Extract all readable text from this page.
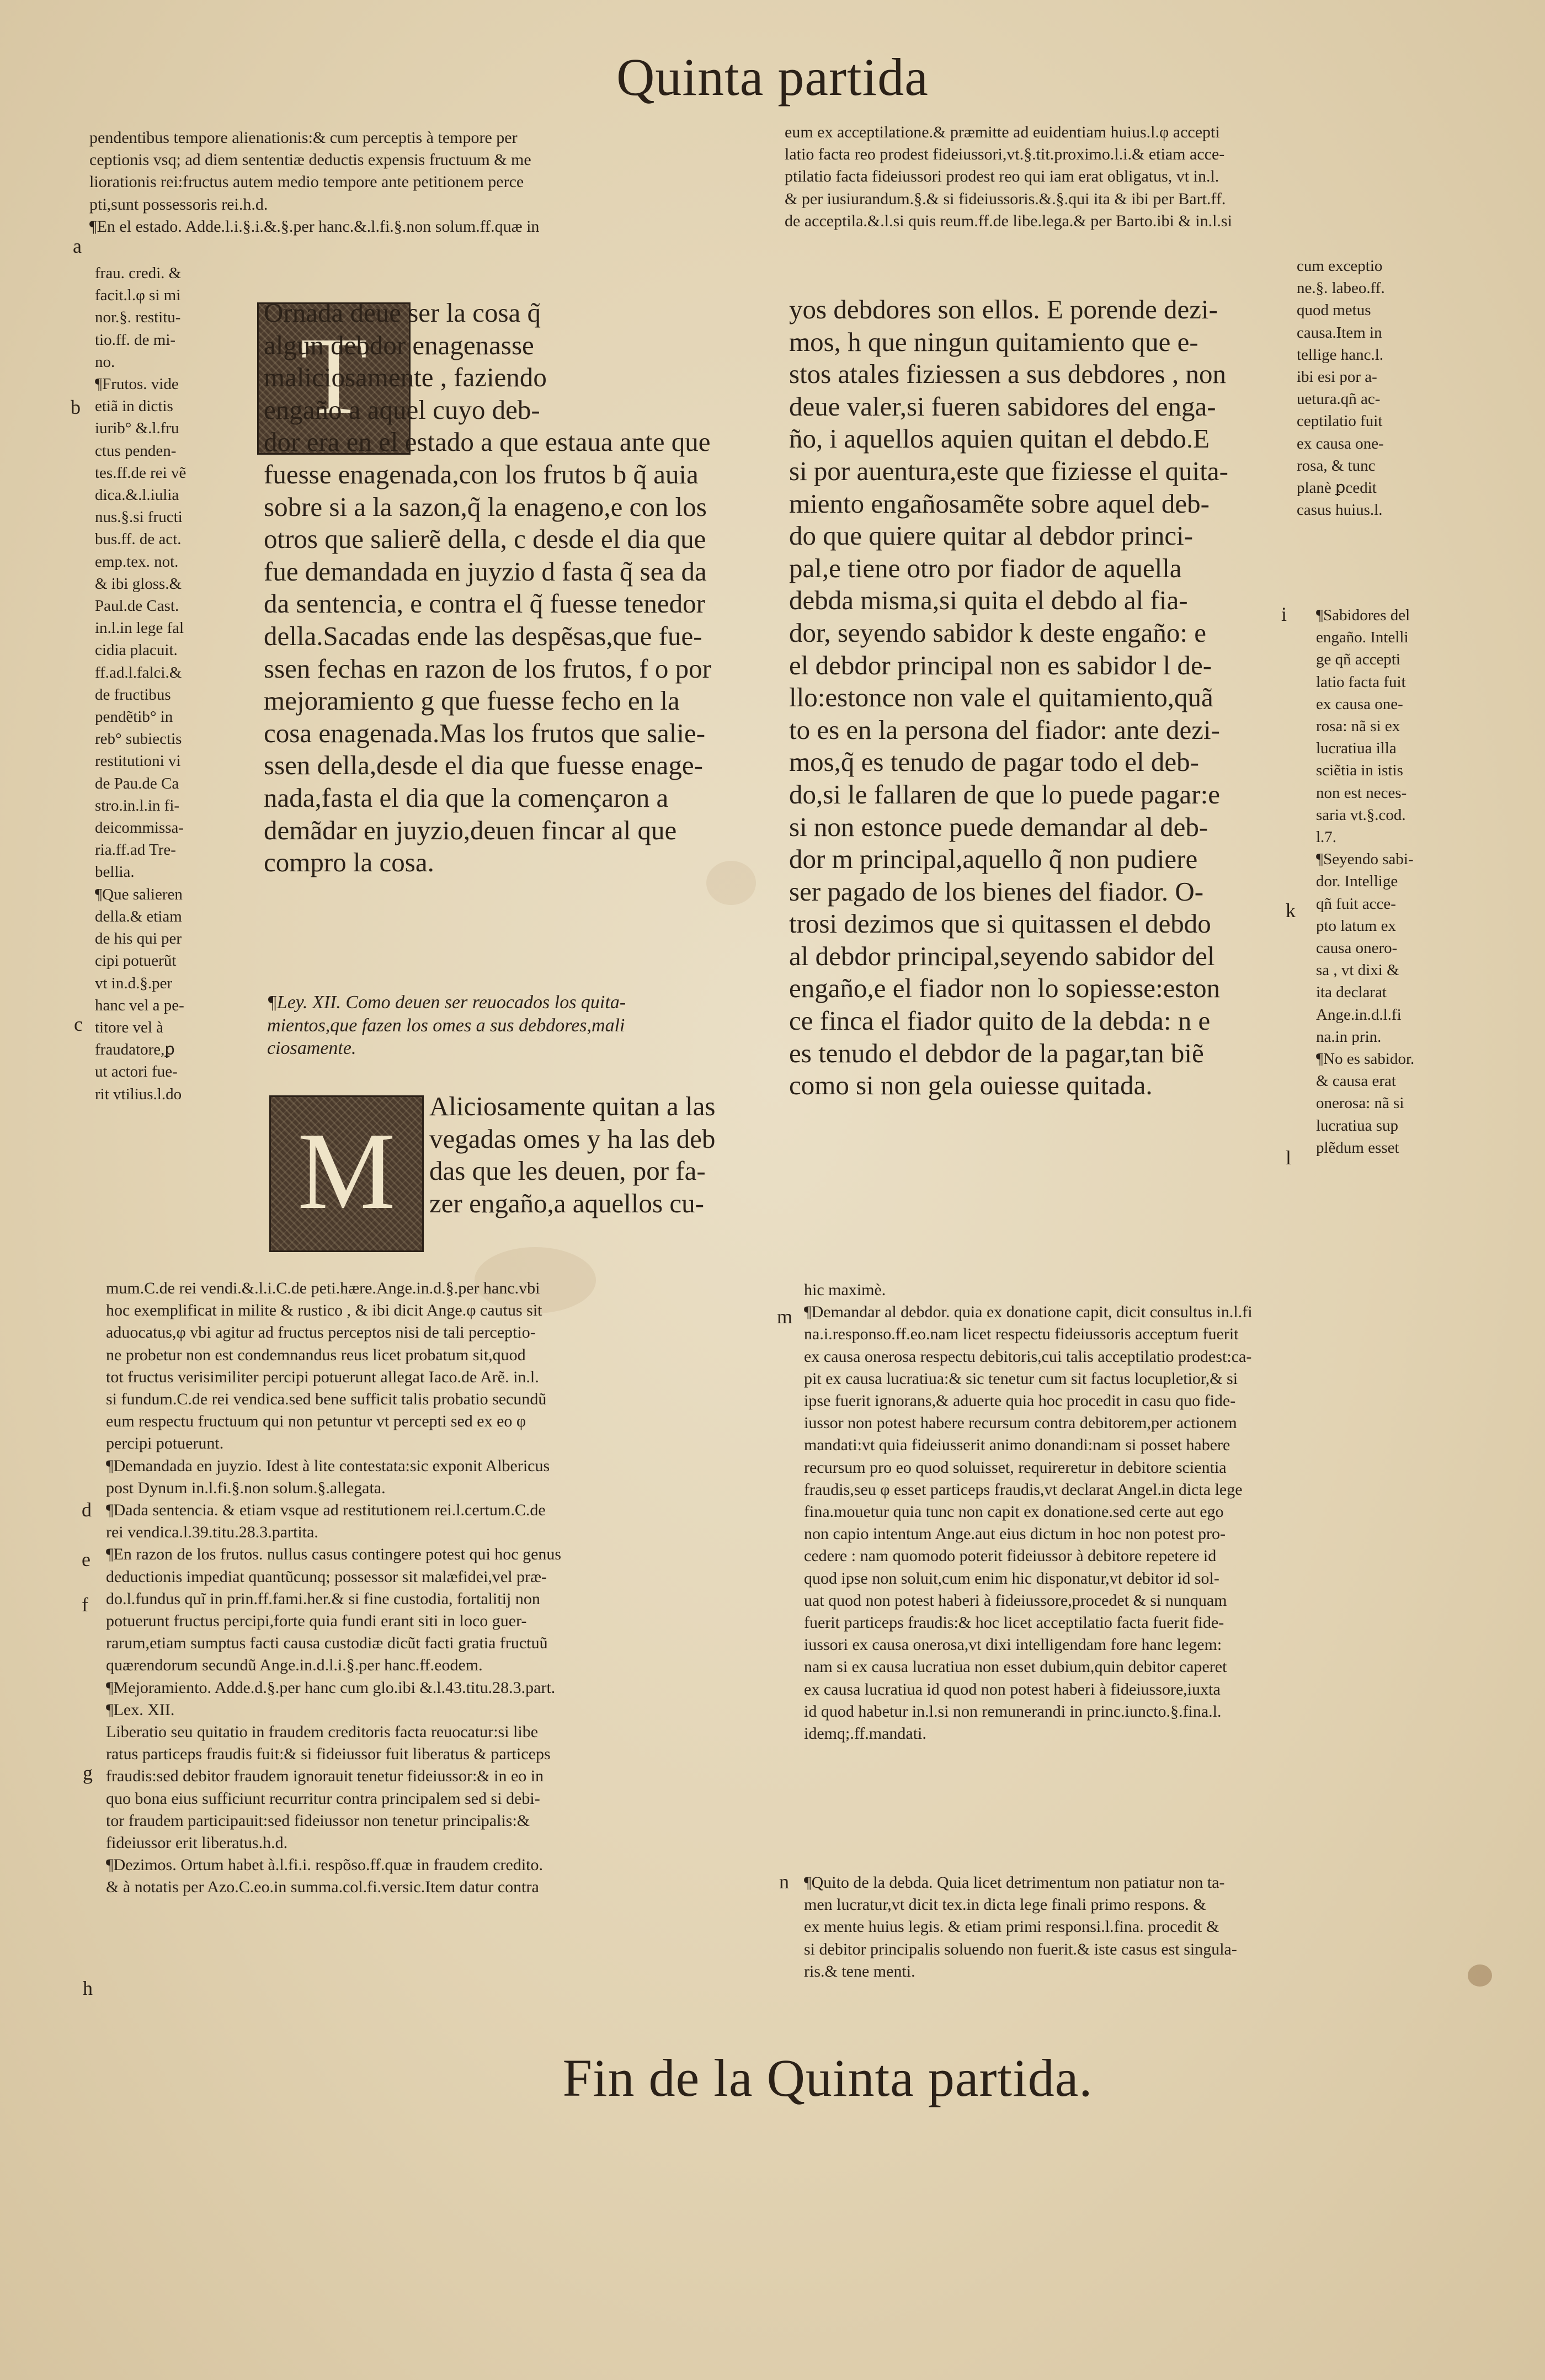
Quinta partida

pendentibus tempore alienationis:& cum perceptis à tempore per
ceptionis vsq; ad diem sententiæ deductis expensis fructuum & me
liorationis rei:fructus autem medio tempore ante petitionem perce
pti,sunt possessoris rei.h.d.
¶En el estado. Adde.l.i.§.i.&.§.per hanc.&.l.fi.§.non solum.ff.quæ in

eum ex acceptilatione.& præmitte ad euidentiam huius.l.φ accepti
latio facta reo prodest fideiussori,vt.§.tit.proximo.l.i.& etiam acce-
ptilatio facta fideiussori prodest reo qui iam erat obligatus, vt in.l.
& per iusiurandum.§.& si fideiussoris.&.§.qui ita & ibi per Bart.ff.
de acceptila.&.l.si quis reum.ff.de libe.lega.& per Barto.ibi & in.l.si

frau. credi. &
facit.l.φ si mi
nor.§. restitu-
tio.ff. de mi-
no.
¶Frutos. vide
etiã in dictis
iurib° &.l.fru
ctus penden-
tes.ff.de rei vẽ
dica.&.l.iulia
nus.§.si fructi
bus.ff. de act.
emp.tex. not.
& ibi gloss.&
Paul.de Cast.
in.l.in lege fal
cidia placuit.
ff.ad.l.falci.&
de fructibus
pendẽtib° in
reb° subiectis
restitutioni vi
de Pau.de Ca
stro.in.l.in fi-
deicommissa-
ria.ff.ad Tre-
bellia.
¶Que salieren
della.& etiam
de his qui per
cipi potuerũt
vt in.d.§.per
hanc vel a pe-
titore vel à
fraudatore,ꝑ
ut actori fue-
rit vtilius.l.do

T

Ornada deue ser la cosa q̃
algun debdor enagenasse
maliciosamente , faziendo
engaño a aquel cuyo deb-
dor era en el estado a que estaua ante que
fuesse enagenada,con los frutos b q̃ auia
sobre si a la sazon,q̃ la enageno,e con los
otros que salierẽ della, c desde el dia que
fue demandada en juyzio d fasta q̃ sea da
da sentencia, e contra el q̃ fuesse tenedor
della.Sacadas ende las despẽsas,que fue-
ssen fechas en razon de los frutos, f o por
mejoramiento g que fuesse fecho en la
cosa enagenada.Mas los frutos que salie-
ssen della,desde el dia que fuesse enage-
nada,fasta el dia que la començaron a
demãdar en juyzio,deuen fincar al que
compro la cosa.

¶Ley. XII. Como deuen ser reuocados los quita-
mientos,que fazen los omes a sus debdores,mali
ciosamente.

M

Aliciosamente quitan a las
vegadas omes y ha las deb
das que les deuen, por fa-
zer engaño,a aquellos cu-

mum.C.de rei vendi.&.l.i.C.de peti.hære.Ange.in.d.§.per hanc.vbi
hoc exemplificat in milite & rustico , & ibi dicit Ange.φ cautus sit
aduocatus,φ vbi agitur ad fructus perceptos nisi de tali perceptio-
ne probetur non est condemnandus reus licet probatum sit,quod
tot fructus verisimiliter percipi potuerunt allegat Iaco.de Arẽ. in.l.
si fundum.C.de rei vendica.sed bene sufficit talis probatio secundũ
eum respectu fructuum qui non petuntur vt percepti sed ex eo φ
percipi potuerunt.
¶Demandada en juyzio. Idest à lite contestata:sic exponit Albericus
post Dynum in.l.fi.§.non solum.§.allegata.
¶Dada sentencia. & etiam vsque ad restitutionem rei.l.certum.C.de
rei vendica.l.39.titu.28.3.partita.
¶En razon de los frutos. nullus casus contingere potest qui hoc genus
deductionis impediat quantũcunq; possessor sit malæfidei,vel præ-
do.l.fundus quĩ in prin.ff.fami.her.& si fine custodia, fortalitij non
potuerunt fructus percipi,forte quia fundi erant siti in loco guer-
rarum,etiam sumptus facti causa custodiæ dicũt facti gratia fructuũ
quærendorum secundũ Ange.in.d.l.i.§.per hanc.ff.eodem.
¶Mejoramiento. Adde.d.§.per hanc cum glo.ibi &.l.43.titu.28.3.part.
¶Lex. XII.
Liberatio seu quitatio in fraudem creditoris facta reuocatur:si libe
ratus particeps fraudis fuit:& si fideiussor fuit liberatus & particeps
fraudis:sed debitor fraudem ignorauit tenetur fideiussor:& in eo in
quo bona eius sufficiunt recurritur contra principalem sed si debi-
tor fraudem participauit:sed fideiussor non tenetur principalis:&
fideiussor erit liberatus.h.d.
¶Dezimos. Ortum habet à.l.fi.i. respõso.ff.quæ in fraudem credito.
& à notatis per Azo.C.eo.in summa.col.fi.versic.Item datur contra

yos debdores son ellos. E porende dezi-
mos, h que ningun quitamiento que e-
stos atales fiziessen a sus debdores , non
deue valer,si fueren sabidores del enga-
ño, i aquellos aquien quitan el debdo.E
si por auentura,este que fiziesse el quita-
miento engañosamẽte sobre aquel deb-
do que quiere quitar al debdor princi-
pal,e tiene otro por fiador de aquella
debda misma,si quita el debdo al fia-
dor, seyendo sabidor k deste engaño: e
el debdor principal non es sabidor l de-
llo:estonce non vale el quitamiento,quã
to es en la persona del fiador: ante dezi-
mos,q̃ es tenudo de pagar todo el deb-
do,si le fallaren de que lo puede pagar:e
si non estonce puede demandar al deb-
dor m principal,aquello q̃ non pudiere
ser pagado de los bienes del fiador. O-
trosi dezimos que si quitassen el debdo
al debdor principal,seyendo sabidor del
engaño,e el fiador non lo sopiesse:eston
ce finca el fiador quito de la debda: n e
es tenudo el debdor de la pagar,tan biẽ
como si non gela ouiesse quitada.

cum exceptio
ne.§. labeo.ff.
quod metus
causa.Item in
tellige hanc.l.
ibi esi por a-
uetura.qñ ac-
ceptilatio fuit
ex causa one-
rosa, & tunc
planè ꝑcedit
casus huius.l.

¶Sabidores del
engaño. Intelli
ge qñ accepti
latio facta fuit
ex causa one-
rosa: nã si ex
lucratiua illa
sciẽtia in istis
non est neces-
saria vt.§.cod.
l.7.
¶Seyendo sabi-
dor. Intellige
qñ fuit acce-
pto latum ex
causa onero-
sa , vt dixi &
ita declarat
Ange.in.d.l.fi
na.in prin.
¶No es sabidor.
& causa erat
onerosa: nã si
lucratiua sup
plẽdum esset

hic maximè.
¶Demandar al debdor. quia ex donatione capit, dicit consultus in.l.fi
na.i.responso.ff.eo.nam licet respectu fideiussoris acceptum fuerit
ex causa onerosa respectu debitoris,cui talis acceptilatio prodest:ca-
pit ex causa lucratiua:& sic tenetur cum sit factus locupletior,& si
ipse fuerit ignorans,& aduerte quia hoc procedit in casu quo fide-
iussor non potest habere recursum contra debitorem,per actionem
mandati:vt quia fideiusserit animo donandi:nam si posset habere
recursum pro eo quod soluisset, requireretur in debitore scientia
fraudis,seu φ esset particeps fraudis,vt declarat Angel.in dicta lege
fina.mouetur quia tunc non capit ex donatione.sed certe aut ego
non capio intentum Ange.aut eius dictum in hoc non potest pro-
cedere : nam quomodo poterit fideiussor à debitore repetere id
quod ipse non soluit,cum enim hic disponatur,vt debitor id sol-
uat quod non potest haberi à fideiussore,procedet & si nunquam
fuerit particeps fraudis:& hoc licet acceptilatio facta fuerit fide-
iussori ex causa onerosa,vt dixi intelligendam fore hanc legem:
nam si ex causa lucratiua non esset dubium,quin debitor caperet
ex causa lucratiua id quod non potest haberi à fideiussore,iuxta
id quod habetur in.l.si non remunerandi in princ.iuncto.§.fina.l.
idemq;.ff.mandati.

¶Quito de la debda. Quia licet detrimentum non patiatur non ta-
men lucratur,vt dicit tex.in dicta lege finali primo respons. &
ex mente huius legis. & etiam primi responsi.l.fina. procedit &
si debitor principalis soluendo non fuerit.& iste casus est singula-
ris.& tene menti.

Fin de la Quinta partida.
a
b
c
d
e
f
g
h
i
k
l
m
n
